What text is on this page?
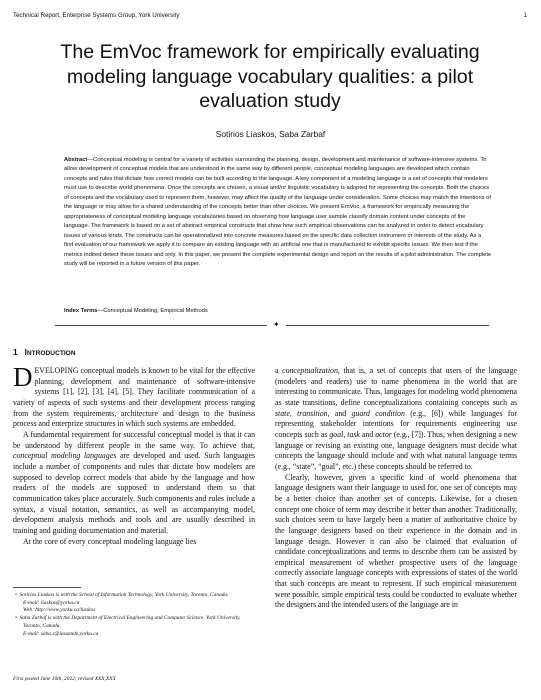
Technical Report, Enterprise Systems Group, York University	1
The EmVoc framework for empirically evaluating modeling language vocabulary qualities: a pilot evaluation study
Sotirios Liaskos, Saba Zarbaf
Abstract—Conceptual modeling is central for a variety of activities surrounding the planning, design, development and maintenance of software-intensive systems. To allow development of conceptual models that are understood in the same way by different people, conceptual modeling languages are developed which contain concepts and rules that dictate how correct models can be built according to the language. A key component of a modeling language is a set of concepts that modelers must use to describe world phenomena. Once the concepts are chosen, a visual and/or linguistic vocabulary is adopted for representing the concepts. Both the choices of concepts and the vocabulary used to represent them, however, may affect the quality of the language under consideration. Some choices may match the intentions of the language or may allow for a shared understanding of the concepts better than other choices. We present EmVoc, a framework for empirically measuring the appropriateness of conceptual modeling language vocabularies based on observing how language user sample classify domain content under concepts of the language. The framework is based on a set of abstract empirical constructs that show how such empirical observations can be analyzed in order to detect vocabulary issues of various kinds. The constructs can be operationalized into concrete measures based on the specific data collection instrument or interests of the study. As a first evaluation of our framework we apply it to compare an existing language with an artificial one that is manufactured to exhibit specific issues. We then test if the metrics indeed detect these issues and only. In this paper, we present the complete experimental design and report on the results of a pilot administration. The complete study will be reported in a future version of this paper.
Index Terms—Conceptual Modeling, Empirical Methods
✦
1 INTRODUCTION

DEVELOPING conceptual models is known to be vital for the effective planning, development and maintenance of software-intensive systems [1], [2], [3], [4], [5]. They facilitate communication of a variety of aspects of such systems and their development process ranging from the system requirements, architecture and design to the business process and enterprize structures in which such systems are embedded.

A fundamental requirement for successful conceptual model is that it can be understood by different people in the same way. To achieve that, conceptual modeling languages are developed and used. Such languages include a number of components and rules that dictate how modelers are supposed to develop correct models that abide by the language and how readers of the models are supposed to understand them so that communication takes place accurately. Such components and rules include a syntax, a visual notation, semantics, as well as accompanying model, development analysis methods and tools and are usually described in training and guiding documentation and material.

At the core of every conceptual modeling language lies

a conceptualization, that is, a set of concepts that users of the language (modelers and readers) use to name phenomena in the world that are interesting to communicate. Thus, languages for modeling world phenomena as state transitions, define conceptualizations containing concepts such as state, transition, and guard condition (e.g., [6]) while languages for representing stakeholder intentions for requirements engineering use concepts such as goal, task and actor (e.g., [7]). Thus, when designing a new language or revising an existing one, language designers must decide what concepts the language should include and with what natural language terms (e.g., “state”, “goal”, etc.) these concepts should be referred to.

Clearly, however, given a specific kind of world phenomena that language designers want their language to used for, one set of concepts may be a better choice than another set of concepts. Likewise, for a chosen concept one choice of term may describe it better than another. Traditionally, such choices seem to have largely been a matter of authoritative choice by the language designers based on their experience in the domain and in language design. However it can also be claimed that evaluation of candidate conceptualizations and terms to describe them can be assisted by empirical measurement of whether prospective users of the language correctly associate language concepts with expressions of states of the world that such concepts are meant to represent. If such empirical measurement were possible, simple empirical tests could be conducted to evaluate whether the designers and the intended users of the language are in

• Sotirios Liaskos is with the School of Information Technology, York University, Toronto, Canada.
E-mail: liaskos@yorku.ca
Web: http://www.yorku.ca/liaskos

• Saba Zarbaf is with the Department of Electrical Engineering and Computer Science, York University, Toronto, Canada.
E-mail: saba.z@lassonde.yorku.ca

First posted June 10th, 2022; revised XXX,XXX
